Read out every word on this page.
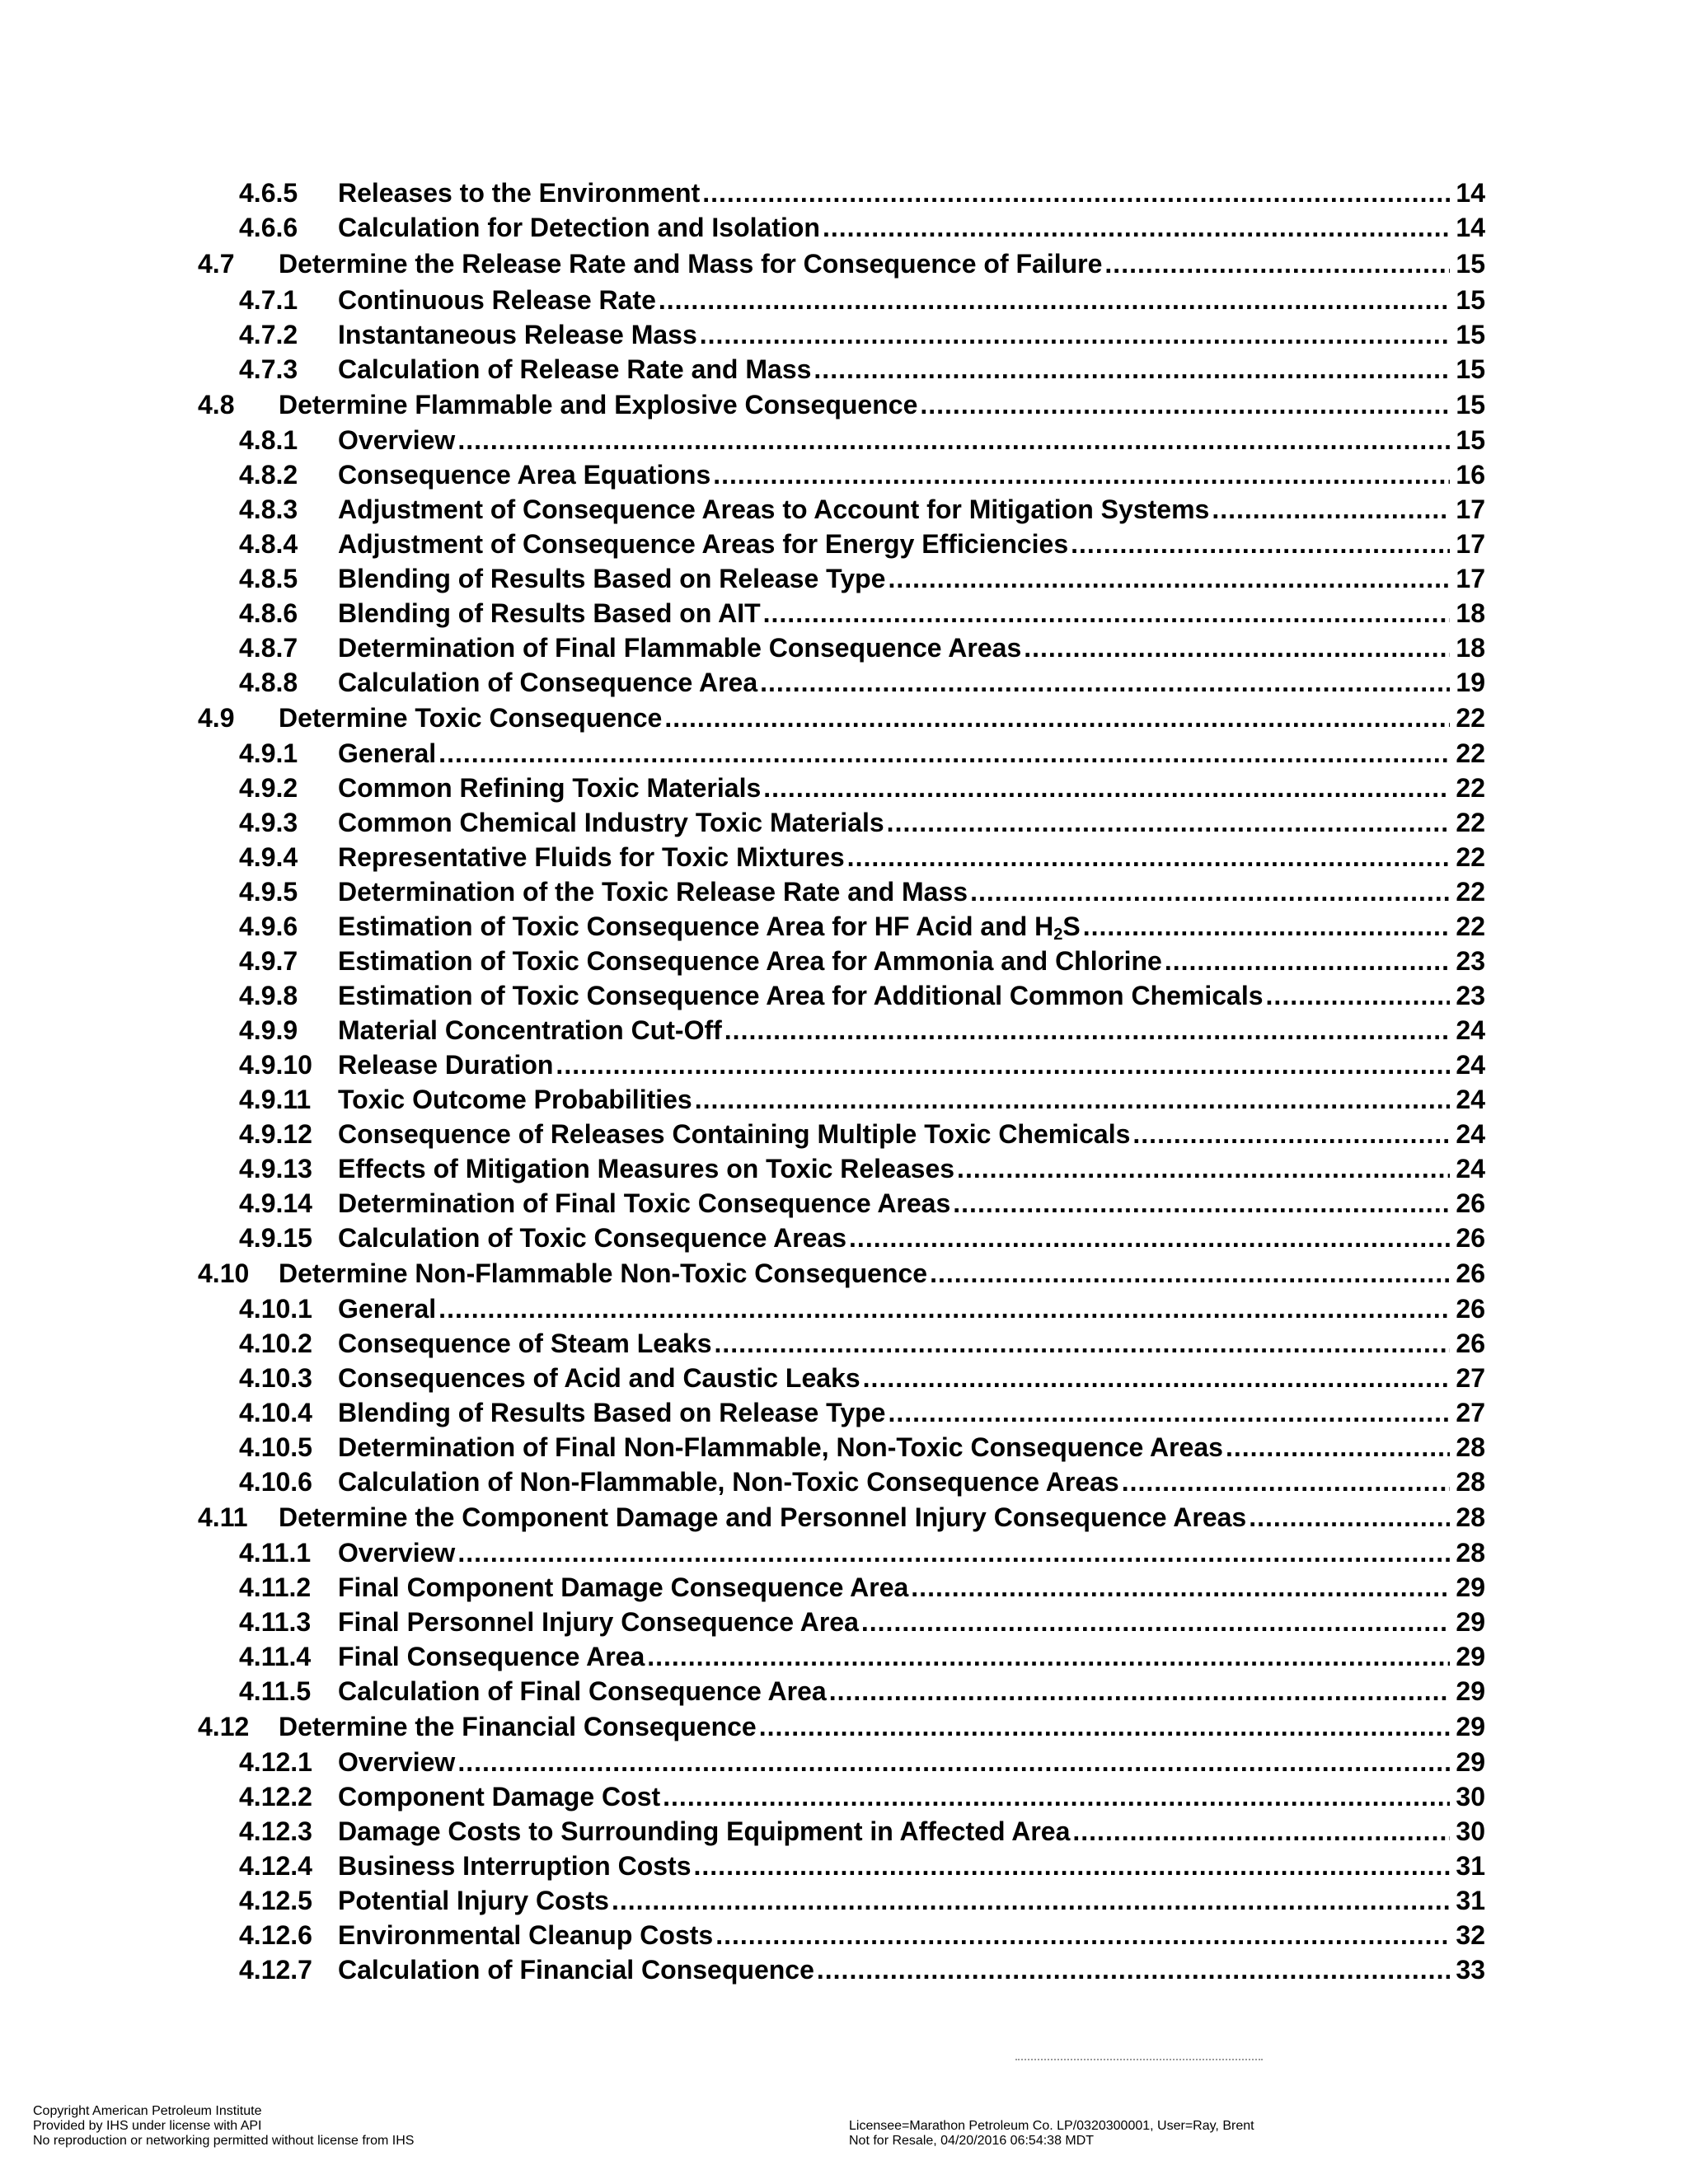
4.6.5	Releases to the Environment .....	14
4.6.6	Calculation for Detection and Isolation .....	14
4.7	Determine the Release Rate and Mass for Consequence of Failure .....	15
4.7.1	Continuous Release Rate .....	15
4.7.2	Instantaneous Release Mass .....	15
4.7.3	Calculation of Release Rate and Mass .....	15
4.8	Determine Flammable and Explosive Consequence .....	15
4.8.1	Overview .....	15
4.8.2	Consequence Area Equations .....	16
4.8.3	Adjustment of Consequence Areas to Account for Mitigation Systems .....	17
4.8.4	Adjustment of Consequence Areas for Energy Efficiencies .....	17
4.8.5	Blending of Results Based on Release Type .....	17
4.8.6	Blending of Results Based on AIT .....	18
4.8.7	Determination of Final Flammable Consequence Areas .....	18
4.8.8	Calculation of Consequence Area .....	19
4.9	Determine Toxic Consequence .....	22
4.9.1	General .....	22
4.9.2	Common Refining Toxic Materials .....	22
4.9.3	Common Chemical Industry Toxic Materials .....	22
4.9.4	Representative Fluids for Toxic Mixtures .....	22
4.9.5	Determination of the Toxic Release Rate and Mass .....	22
4.9.6	Estimation of Toxic Consequence Area for HF Acid and $H_2S$ .....	22
4.9.7	Estimation of Toxic Consequence Area for Ammonia and Chlorine .....	23
4.9.8	Estimation of Toxic Consequence Area for Additional Common Chemicals .....	23
4.9.9	Material Concentration Cut-Off .....	24
4.9.10 Release Duration .....	24
4.9.11	Toxic Outcome Probabilities .....	24
4.9.12 Consequence of Releases Containing Multiple Toxic Chemicals .....	24
4.9.13 Effects of Mitigation Measures on Toxic Releases .....	24
4.9.14 Determination of Final Toxic Consequence Areas .....	26
4.9.15 Calculation of Toxic Consequence Areas .....	26
4.10	Determine Non-Flammable Non-Toxic Consequence .....	26
4.10.1 General .....	26
4.10.2 Consequence of Steam Leaks .....	26
4.10.3 Consequences of Acid and Caustic Leaks .....	27
4.10.4 Blending of Results Based on Release Type .....	27
4.10.5 Determination of Final Non-Flammable, Non-Toxic Consequence Areas .....	28
4.10.6 Calculation of Non-Flammable, Non-Toxic Consequence Areas .....	28
4.11	Determine the Component Damage and Personnel Injury Consequence Areas .....	28
4.11.1	Overview .....	28
4.11.2	Final Component Damage Consequence Area .....	29
4.11.3	Final Personnel Injury Consequence Area .....	29
4.11.4	Final Consequence Area .....	29
4.11.5	Calculation of Final Consequence Area .....	29
4.12	Determine the Financial Consequence .....	29
4.12.1 Overview .....	29
4.12.2 Component Damage Cost .....	30
4.12.3 Damage Costs to Surrounding Equipment in Affected Area .....	30
4.12.4 Business Interruption Costs .....	31
4.12.5 Potential Injury Costs .....	31
4.12.6 Environmental Cleanup Costs .....	32
4.12.7 Calculation of Financial Consequence .....	33
Copyright American Petroleum Institute
Provided by IHS under license with API
No reproduction or networking permitted without license from IHS
Licensee=Marathon Petroleum Co. LP/0320300001, User=Ray, Brent
Not for Resale, 04/20/2016 06:54:38 MDT
